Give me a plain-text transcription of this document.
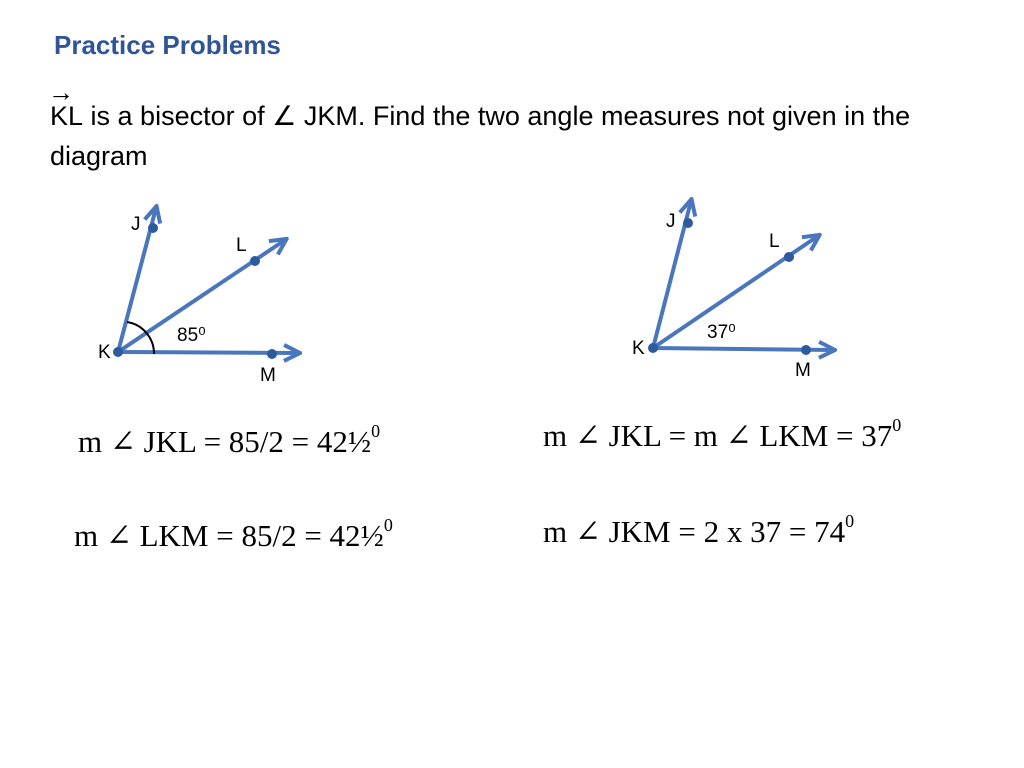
Practice Problems
→
KL is a bisector of ∠ JKM. Find the two angle measures not given in the diagram
J
L
K
M
85⁰
J
L
K
M
37⁰
m ∠ JKL = 85/2 = 42½$^0$
m ∠ LKM = 85/2 = 42½$^0$
m ∠ JKL = m ∠ LKM = $37^0$
m ∠ JKM = 2 x $37 = 74^0$
